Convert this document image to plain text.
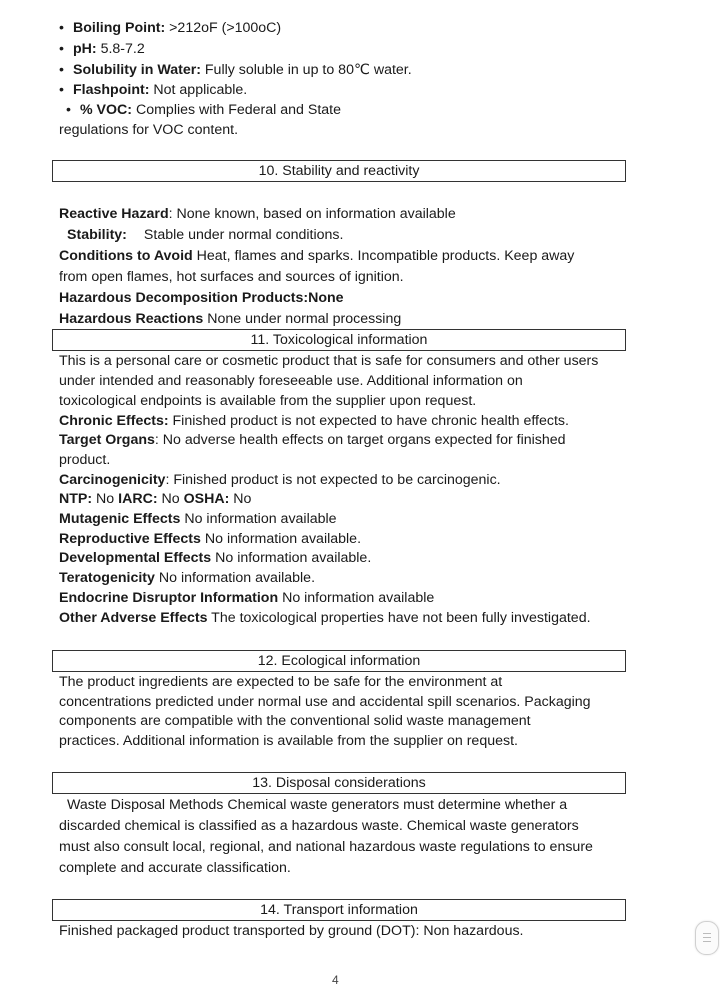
• Boiling Point: >212oF (>100oC)
• pH: 5.8-7.2
• Solubility in Water: Fully soluble in up to 80℃ water.
• Flashpoint: Not applicable.
• % VOC: Complies with Federal and State
regulations for VOC content.
10. Stability and reactivity
Reactive Hazard: None known, based on information available
Stability: Stable under normal conditions.
Conditions to Avoid Heat, flames and sparks. Incompatible products. Keep away
from open flames, hot surfaces and sources of ignition.
Hazardous Decomposition Products:None
Hazardous Reactions None under normal processing
11. Toxicological information
This is a personal care or cosmetic product that is safe for consumers and other users
under intended and reasonably foreseeable use. Additional information on
toxicological endpoints is available from the supplier upon request.
Chronic Effects: Finished product is not expected to have chronic health effects.
Target Organs: No adverse health effects on target organs expected for finished
product.
Carcinogenicity: Finished product is not expected to be carcinogenic.
NTP: No IARC: No OSHA: No
Mutagenic Effects No information available
Reproductive Effects No information available.
Developmental Effects No information available.
Teratogenicity No information available.
Endocrine Disruptor Information No information available
Other Adverse Effects The toxicological properties have not been fully investigated.
12. Ecological information
The product ingredients are expected to be safe for the environment at
concentrations predicted under normal use and accidental spill scenarios. Packaging
components are compatible with the conventional solid waste management
practices. Additional information is available from the supplier on request.
13. Disposal considerations
Waste Disposal Methods Chemical waste generators must determine whether a
discarded chemical is classified as a hazardous waste. Chemical waste generators
must also consult local, regional, and national hazardous waste regulations to ensure
complete and accurate classification.
14. Transport information
Finished packaged product transported by ground (DOT): Non hazardous.
4
